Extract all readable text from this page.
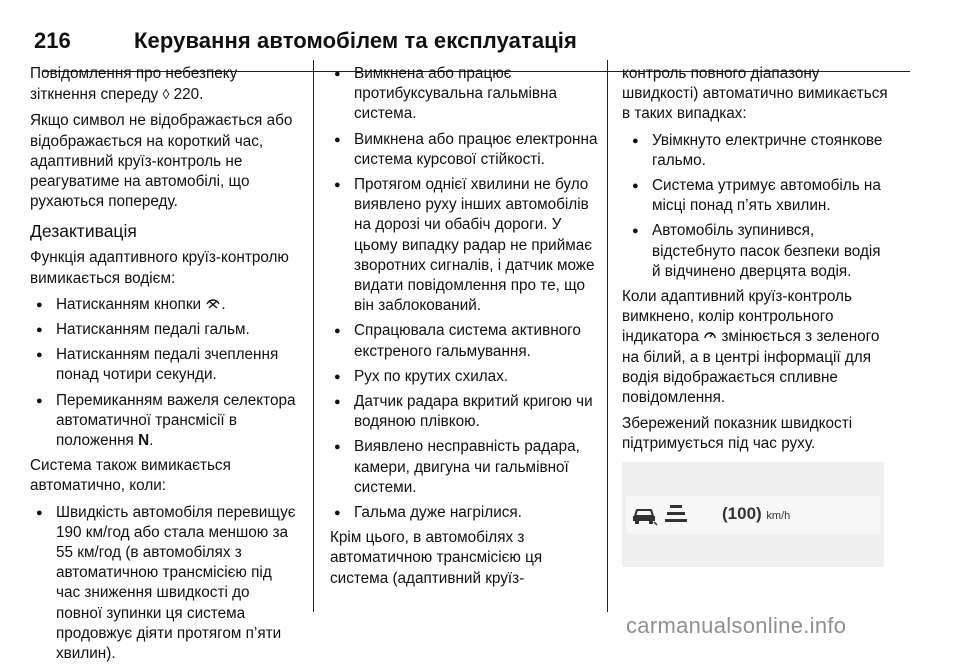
216	Керування автомобілем та експлуатація

Повідомлення про небезпеку зіткнення спереду ◊ 220.

Якщо символ не відображається або відображається на короткий час, адаптивний круїз-контроль не реагуватиме на автомобілі, що рухаються попереду.

Дезактивація

Функція адаптивного круїз-контролю вимикається водієм:

● Натисканням кнопки .
● Натисканням педалі гальм.
● Натисканням педалі зчеплення понад чотири секунди.
● Перемиканням важеля селектора автоматичної трансмісії в положення N.

Система також вимикається автоматично, коли:

● Швидкість автомобіля перевищує 190 км/год або стала меншою за 55 км/год (в автомобілях з автоматичною трансмісією під час зниження швидкості до повної зупинки ця система продовжує діяти протягом п’яти хвилин).
● Вимкнена або працює протибуксувальна гальмівна система.
● Вимкнена або працює електронна система курсової стійкості.
● Протягом однієї хвилини не було виявлено руху інших автомобілів на дорозі чи обабіч дороги. У цьому випадку радар не приймає зворотних сигналів, і датчик може видати повідомлення про те, що він заблокований.
● Спрацювала система активного екстреного гальмування.
● Рух по крутих схилах.
● Датчик радара вкритий кригою чи водяною плівкою.
● Виявлено несправність радара, камери, двигуна чи гальмівної системи.
● Гальма дуже нагрілися.

Крім цього, в автомобілях з автоматичною трансмісією ця система (адаптивний круїз-

контроль повного діапазону швидкості) автоматично вимикається в таких випадках:

● Увімкнуто електричне стоянкове гальмо.
● Система утримує автомобіль на місці понад п’ять хвилин.
● Автомобіль зупинився, відстебнуто пасок безпеки водія й відчинено дверцята водія.

Коли адаптивний круїз-контроль вимкнено, колір контрольного індикатора змінюється з зеленого на білий, а в центрі інформації для водія відображається спливне повідомлення.

Збережений показник швидкості підтримується під час руху.

(100) km/h
carmanualsonline.info
